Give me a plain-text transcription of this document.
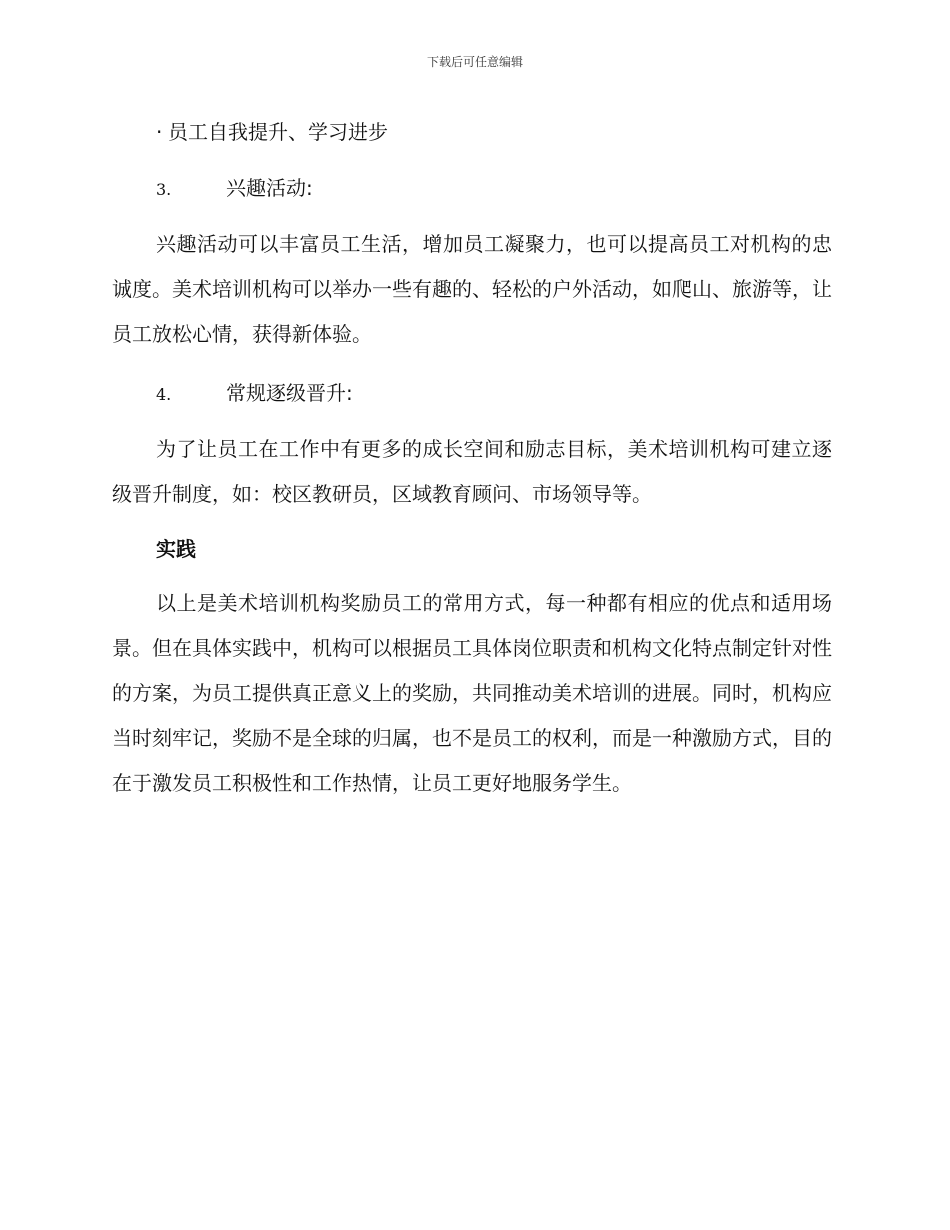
下载后可任意编辑
· 员工自我提升、学习进步
3.	兴趣活动:
兴趣活动可以丰富员工生活，增加员工凝聚力，也可以提高员工对机构的忠诚度。美术培训机构可以举办一些有趣的、轻松的户外活动，如爬山、旅游等，让员工放松心情，获得新体验。
4.	常规逐级晋升:
为了让员工在工作中有更多的成长空间和励志目标，美术培训机构可建立逐级晋升制度，如：校区教研员，区域教育顾问、市场领导等。
实践
以上是美术培训机构奖励员工的常用方式，每一种都有相应的优点和适用场景。但在具体实践中，机构可以根据员工具体岗位职责和机构文化特点制定针对性的方案，为员工提供真正意义上的奖励，共同推动美术培训的进展。同时，机构应当时刻牢记，奖励不是全球的归属，也不是员工的权利，而是一种激励方式，目的在于激发员工积极性和工作热情，让员工更好地服务学生。
